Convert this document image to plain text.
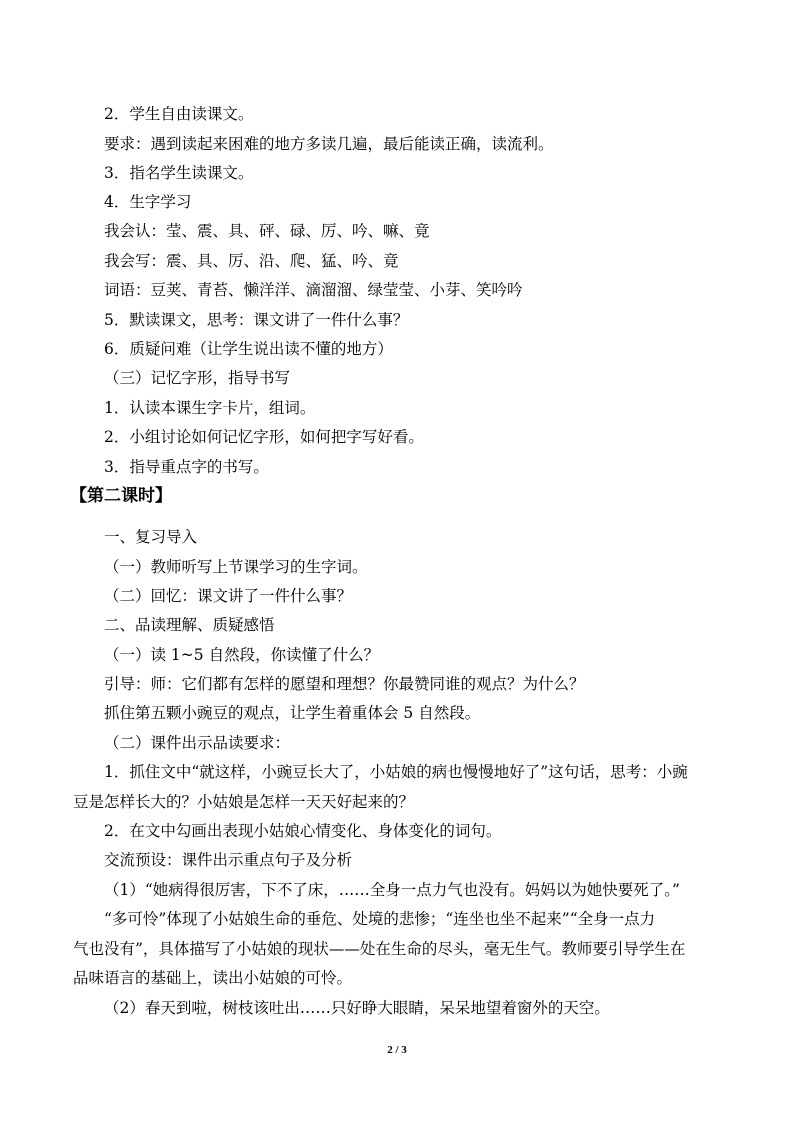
2．学生自由读课文。
要求：遇到读起来困难的地方多读几遍，最后能读正确，读流利。
3．指名学生读课文。
4．生字学习
我会认：莹、震、具、砰、碌、厉、吟、嘛、竟
我会写：震、具、厉、沿、爬、猛、吟、竟
词语：豆荚、青苔、懒洋洋、滴溜溜、绿莹莹、小芽、笑吟吟
5．默读课文，思考：课文讲了一件什么事？
6．质疑问难（让学生说出读不懂的地方）
（三）记忆字形，指导书写
1．认读本课生字卡片，组词。
2．小组讨论如何记忆字形，如何把字写好看。
3．指导重点字的书写。
【第二课时】
一、复习导入
（一）教师听写上节课学习的生字词。
（二）回忆：课文讲了一件什么事？
二、品读理解、质疑感悟
（一）读 1~5 自然段，你读懂了什么？
引导：师：它们都有怎样的愿望和理想？你最赞同谁的观点？为什么？
抓住第五颗小豌豆的观点，让学生着重体会 5 自然段。
（二）课件出示品读要求：
1．抓住文中“就这样，小豌豆长大了，小姑娘的病也慢慢地好了”这句话，思考：小豌
豆是怎样长大的？小姑娘是怎样一天天好起来的？
2．在文中勾画出表现小姑娘心情变化、身体变化的词句。
交流预设：课件出示重点句子及分析
（1）“她病得很厉害，下不了床，……全身一点力气也没有。妈妈以为她快要死了。”
“多可怜”体现了小姑娘生命的垂危、处境的悲惨；“连坐也坐不起来”“全身一点力
气也没有”，具体描写了小姑娘的现状——处在生命的尽头，毫无生气。教师要引导学生在
品味语言的基础上，读出小姑娘的可怜。
（2）春天到啦，树枝该吐出……只好睁大眼睛，呆呆地望着窗外的天空。
2 / 3
